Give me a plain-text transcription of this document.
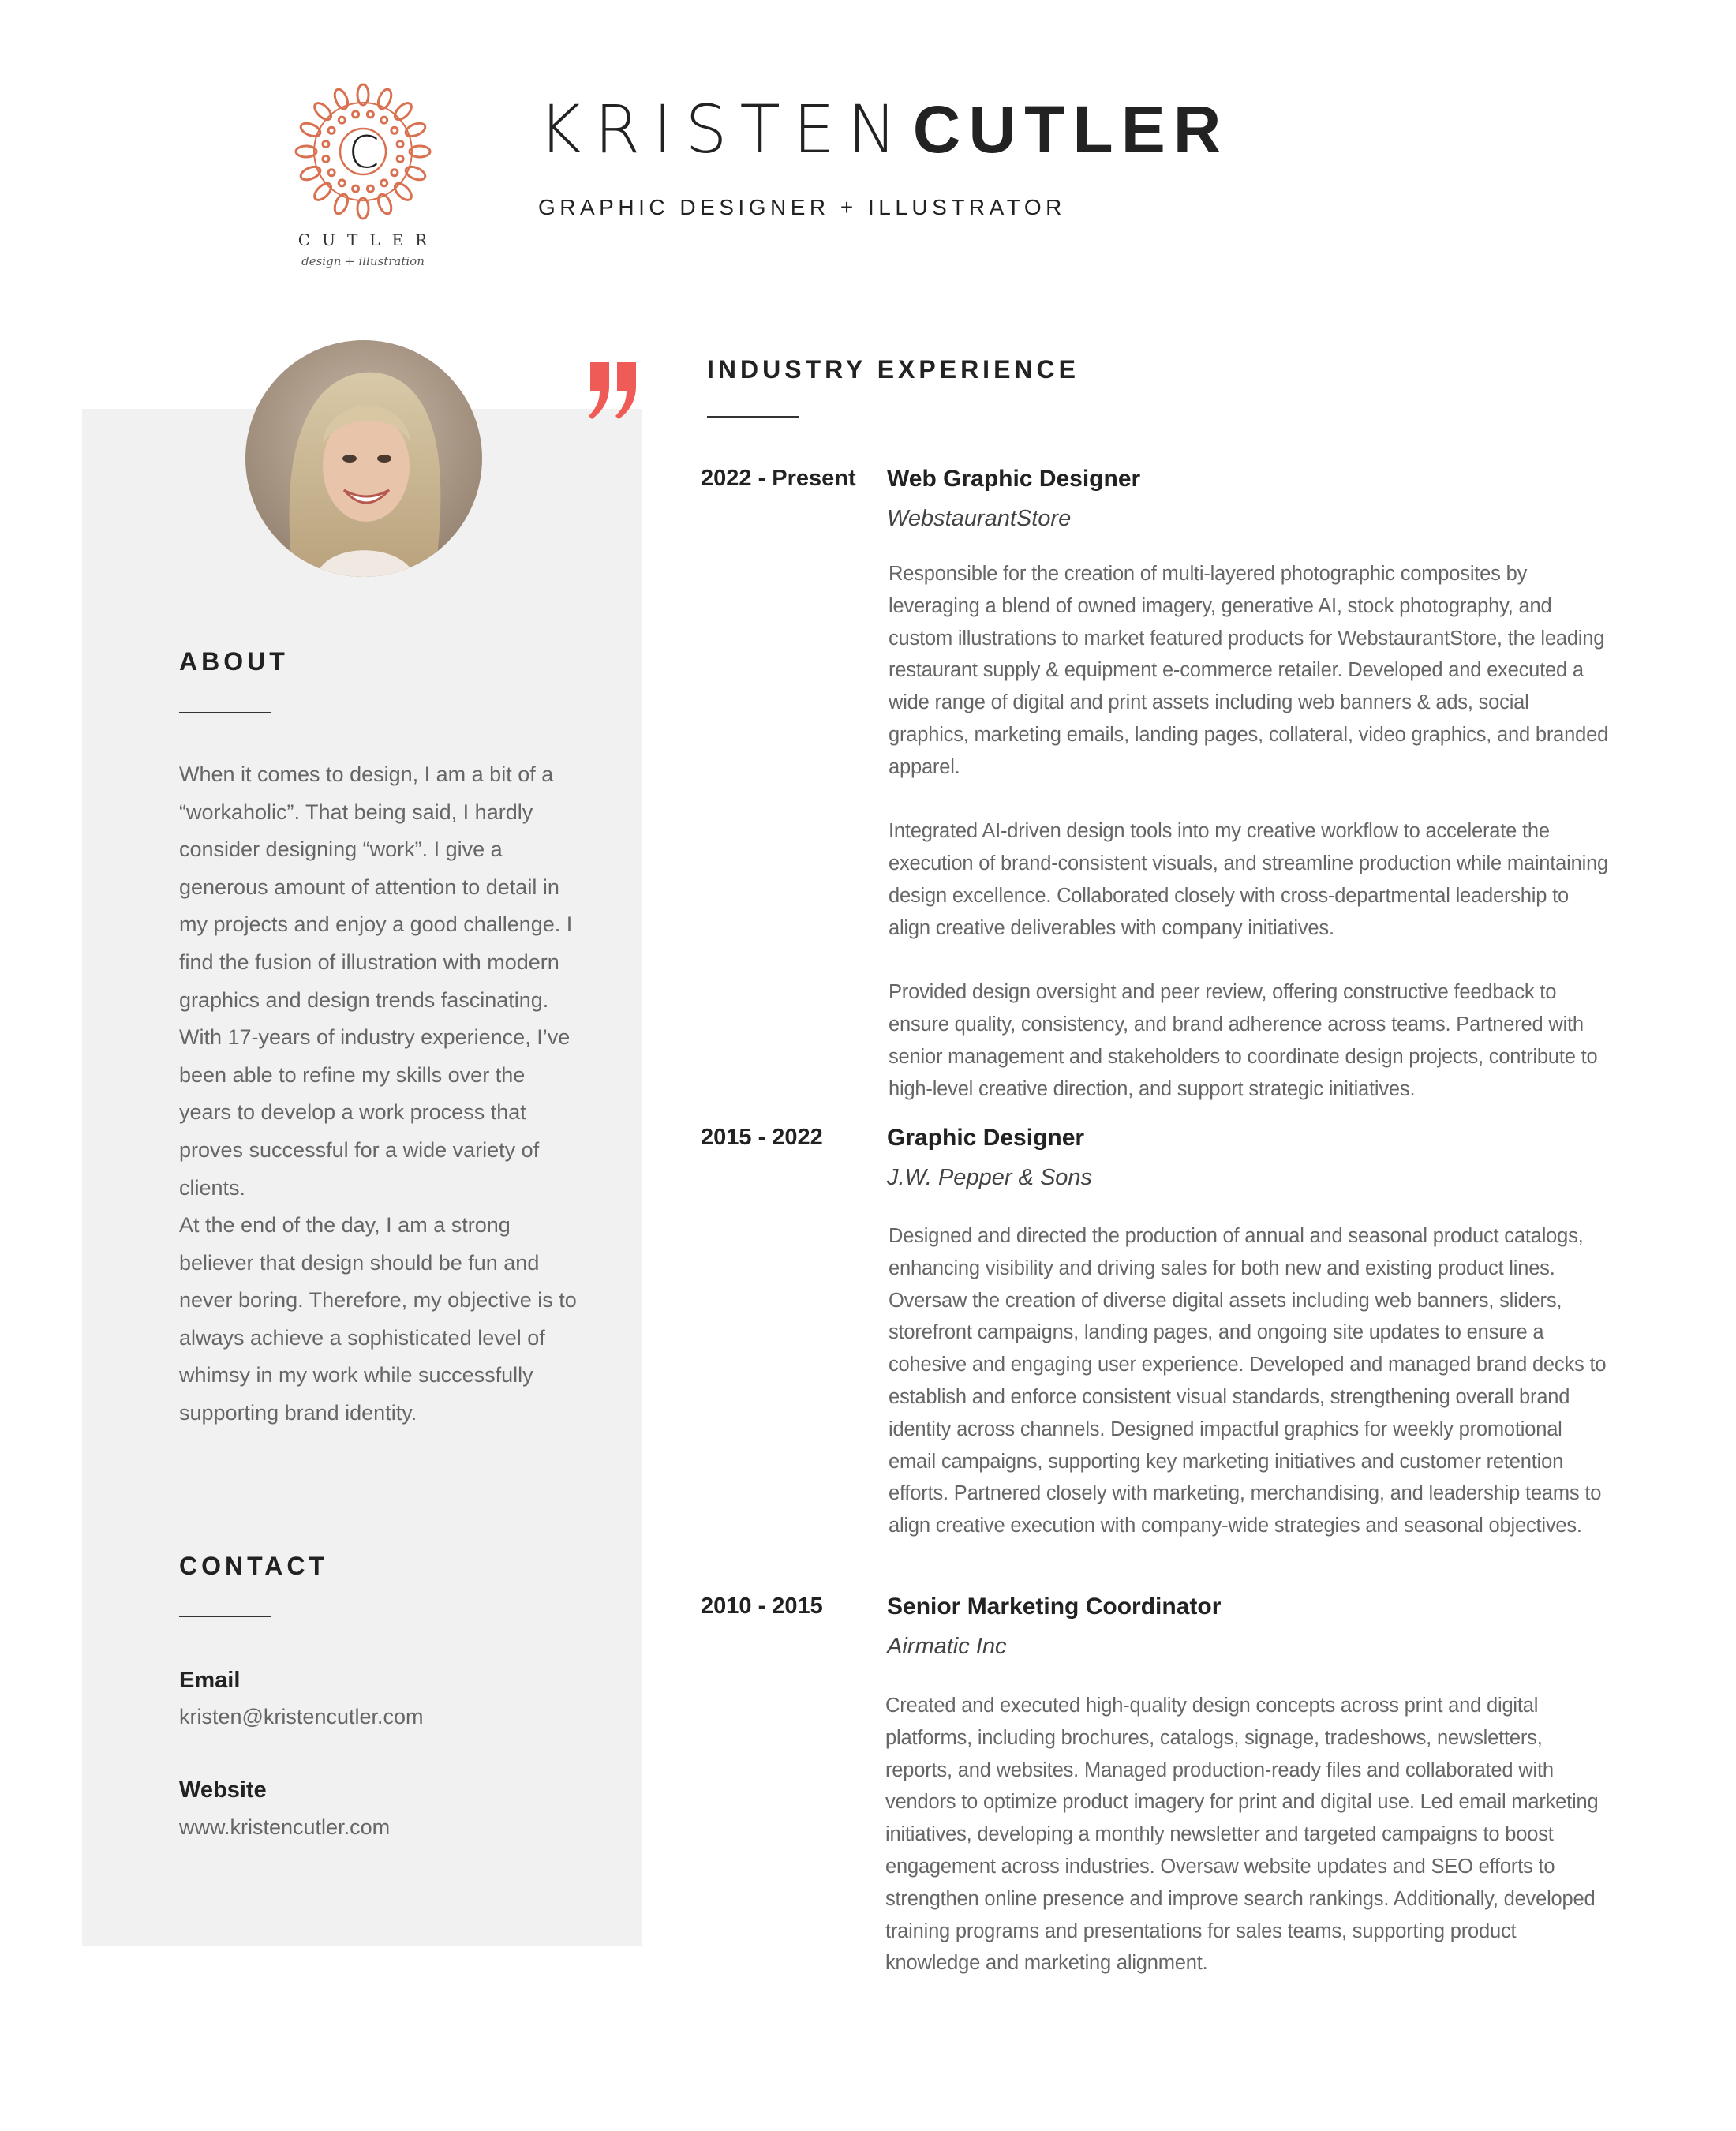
C
CUTLER
design + illustration
KRISTENCUTLER
GRAPHIC DESIGNER + ILLUSTRATOR
ABOUT
When it comes to design, I am a bit of a “workaholic”. That being said, I hardly consider designing “work”. I give a generous amount of attention to detail in my projects and enjoy a good challenge. I find the fusion of illustration with modern graphics and design trends fascinating. With 17-years of industry experience, I’ve been able to refine my skills over the years to develop a work process that proves successful for a wide variety of clients.
At the end of the day, I am a strong believer that design should be fun and never boring. Therefore, my objective is to always achieve a sophisticated level of whimsy in my work while successfully supporting brand identity.
CONTACT
Email
kristen@kristencutler.com
Website
www.kristencutler.com
INDUSTRY EXPERIENCE
2022 - Present Web Graphic Designer
WebstaurantStore

Responsible for the creation of multi-layered photographic composites by leveraging a blend of owned imagery, generative AI, stock photography, and custom illustrations to market featured products for WebstaurantStore, the leading restaurant supply & equipment e-commerce retailer. Developed and executed a wide range of digital and print assets including web banners & ads, social graphics, marketing emails, landing pages, collateral, video graphics, and branded apparel.

Integrated AI-driven design tools into my creative workflow to accelerate the execution of brand-consistent visuals, and streamline production while maintaining design excellence. Collaborated closely with cross-departmental leadership to align creative deliverables with company initiatives.

Provided design oversight and peer review, offering constructive feedback to ensure quality, consistency, and brand adherence across teams. Partnered with senior management and stakeholders to coordinate design projects, contribute to high-level creative direction, and support strategic initiatives.

2015 - 2022	Graphic Designer
J.W. Pepper & Sons

Designed and directed the production of annual and seasonal product catalogs, enhancing visibility and driving sales for both new and existing product lines. Oversaw the creation of diverse digital assets including web banners, sliders, storefront campaigns, landing pages, and ongoing site updates to ensure a cohesive and engaging user experience. Developed and managed brand decks to establish and enforce consistent visual standards, strengthening overall brand identity across channels. Designed impactful graphics for weekly promotional email campaigns, supporting key marketing initiatives and customer retention efforts. Partnered closely with marketing, merchandising, and leadership teams to align creative execution with company-wide strategies and seasonal objectives.

2010 - 2015	Senior Marketing Coordinator
Airmatic Inc

Created and executed high-quality design concepts across print and digital platforms, including brochures, catalogs, signage, tradeshows, newsletters, reports, and websites. Managed production-ready files and collaborated with vendors to optimize product imagery for print and digital use. Led email marketing initiatives, developing a monthly newsletter and targeted campaigns to boost engagement across industries. Oversaw website updates and SEO efforts to strengthen online presence and improve search rankings. Additionally, developed training programs and presentations for sales teams, supporting product knowledge and marketing alignment.
